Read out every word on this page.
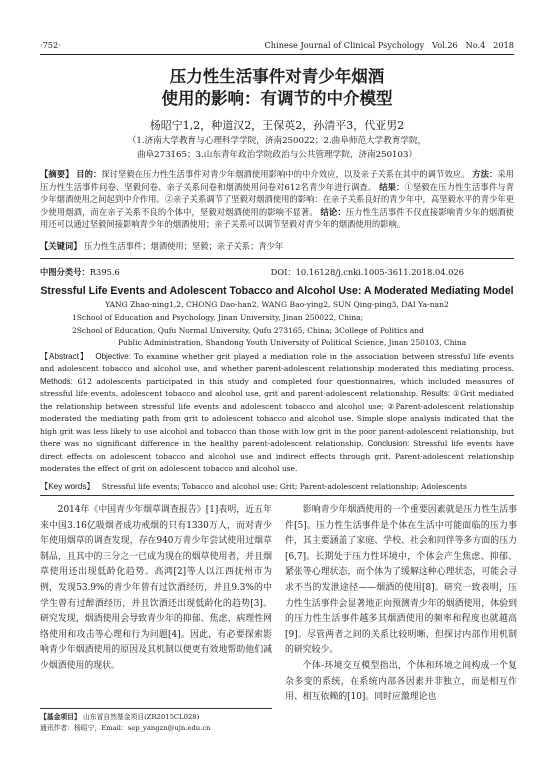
·752·	Chinese Journal of Clinical Psychology Vol.26 No.4 2018
压力性生活事件对青少年烟酒
使用的影响：有调节的中介模型
杨昭宁1,2，种道汉2，王保英2，孙清平3，代亚男2
（1.济南大学教育与心理科学学院，济南250022；2.曲阜师范大学教育学院，
曲阜273165；3.山东青年政治学院政治与公共管理学院，济南250103）
【摘要】 目的：探讨坚毅在压力性生活事件对青少年烟酒使用影响中的中介效应，以及亲子关系在其中的调节效应。 方法：采用压力性生活事件问卷、坚毅问卷、亲子关系问卷和烟酒使用问卷对612名青少年进行调查。 结果：①坚毅在压力性生活事件与青少年烟酒使用之间起到中介作用。②亲子关系调节了坚毅对烟酒使用的影响：在亲子关系良好的青少年中，高坚毅水平的青少年更少使用烟酒，而在亲子关系不良的个体中，坚毅对烟酒使用的影响不显著。 结论：压力性生活事件不仅直接影响青少年的烟酒使用还可以通过坚毅间接影响青少年的烟酒使用；亲子关系可以调节坚毅对青少年的烟酒使用的影响。
【关键词】 压力性生活事件；烟酒使用；坚毅；亲子关系；青少年
中图分类号：R395.6	DOI：10.16128/j.cnki.1005-3611.2018.04.026
Stressful Life Events and Adolescent Tobacco and Alcohol Use: A Moderated Mediating Model
YANG Zhao-ning1,2, CHONG Dao-han2, WANG Bao-ying2, SUN Qing-ping3, DAI Ya-nan2

1School of Education and Psychology, Jinan University, Jinan 250022, China;

2School of Education, Qufu Normal University, Qufu 273165, China; 3College of Politics and

Public Administration, Shandong Youth University of Political Science, Jinan 250103, China

【Abstract】 Objective: To examine whether grit played a mediation role in the association between stressful life events and adolescent tobacco and alcohol use, and whether parent-adolescent relationship moderated this mediating process. Methods: 612 adolescents participated in this study and completed four questionnaires, which included measures of stressful life events, adolescent tobacco and alcohol use, grit and parent-adolescent relationship. Results: ①Grit mediated the relationship between stressful life events and adolescent tobacco and alcohol use; ②Parent-adolescent relationship moderated the mediating path from grit to adolescent tobacco and alcohol use. Simple slope analysis indicated that the high grit was less likely to use alcohol and tobacco than those with low grit in the poor parent-adolescent relationship, but there was no significant difference in the healthy parent-adolescent relationship. Conclusion: Stressful life events have direct effects on adolescent tobacco and alcohol use and indirect effects through grit. Parent-adolescent relationship moderates the effect of grit on adolescent tobacco and alcohol use.
【Key words】 Stressful life events; Tobacco and alcohol use; Grit; Parent-adolescent relationship; Adolescents

2014年《中国青少年烟草调查报告》[1]表明，近五年来中国3.16亿吸烟者成功戒烟的只有1330万人，而对青少年使用烟草的调查发现，存在940万青少年尝试使用过烟草制品，且其中的三分之一已成为现在的烟草使用者，并且烟草使用还出现低龄化趋势。高鸿[2]等人以江西抚州市为例，发现53.9%的青少年曾有过饮酒经历，并且9.3%的中学生曾有过醉酒经历，并且饮酒还出现低龄化的趋势[3]。研究发现，烟酒使用会导致青少年的抑郁、焦虑、病理性网络使用和攻击等心理和行为问题[4]。因此，有必要探索影响青少年烟酒使用的原因及其机制以便更有效地帮助他们减少烟酒使用的现状。

影响青少年烟酒使用的一个重要因素就是压力性生活事件[5]。压力性生活事件是个体在生活中可能面临的压力事件，其主要涵盖了家庭、学校、社会和同伴等多方面的压力[6,7]。长期处于压力性环境中，个体会产生焦虑、抑郁、紧张等心理状态，而个体为了缓解这种心理状态，可能会寻求不当的发泄途径——烟酒的使用[8]。研究一致表明，压力性生活事件会显著地正向预测青少年的烟酒使用，体验到的压力性生活事件越多其烟酒使用的频率和程度也就越高[9]。尽管两者之间的关系比较明晰，但探讨内部作用机制的研究较少。

个体-环境交互模型指出，个体和环境之间构成一个复杂多变的系统，在系统内部各因素并非独立，而是相互作用、相互依赖的[10]。同时应激理论也

【基金项目】 山东省自然基金项目(ZR2015CL028)
通讯作者：杨昭宁，Email：sep_yangzn@ujn.edu.cn
